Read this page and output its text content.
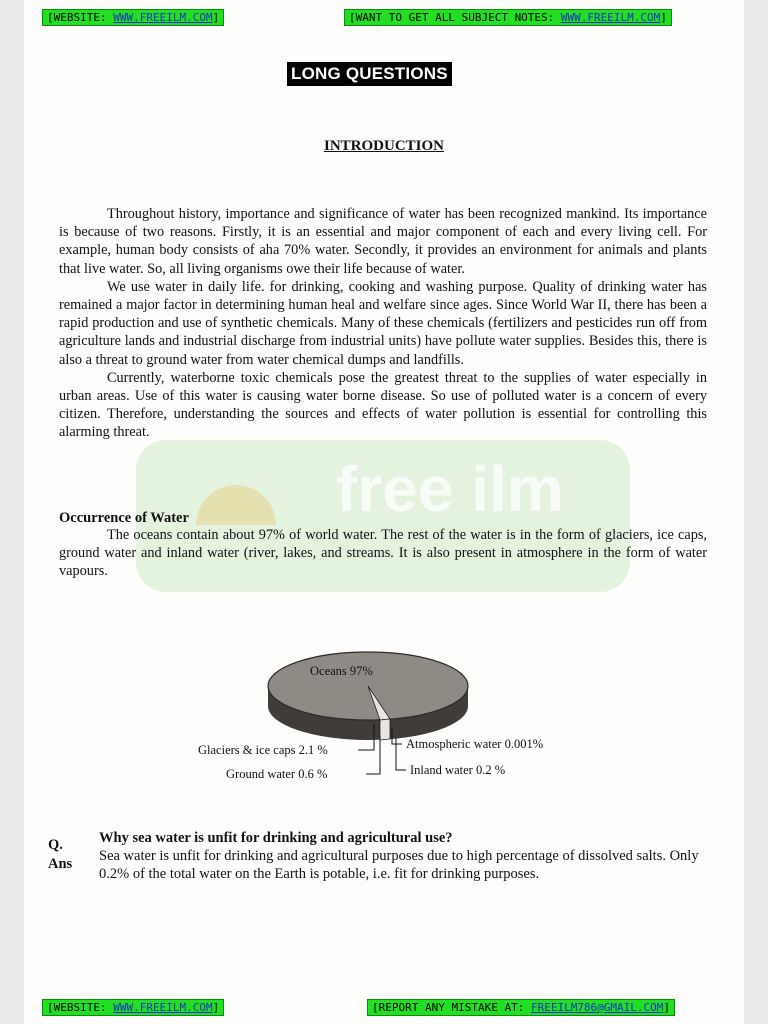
[WEBSITE: WWW.FREEILM.COM]	[WANT TO GET ALL SUBJECT NOTES: WWW.FREEILM.COM]
LONG QUESTIONS
INTRODUCTION
free ilm

Throughout history, importance and significance of water has been recognized mankind. Its importance is because of two reasons. Firstly, it is an essential and major component of each and every living cell. For example, human body consists of aha 70% water. Secondly, it provides an environment for animals and plants that live water. So, all living organisms owe their life because of water.

We use water in daily life. for drinking, cooking and washing purpose. Quality of drinking water has remained a major factor in determining human heal and welfare since ages. Since World War II, there has been a rapid production and use of synthetic chemicals. Many of these chemicals (fertilizers and pesticides run off from agriculture lands and industrial discharge from industrial units) have pollute water supplies. Besides this, there is also a threat to ground water from water chemical dumps and landfills.

Currently, waterborne toxic chemicals pose the greatest threat to the supplies of water especially in urban areas. Use of this water is causing water borne disease. So use of polluted water is a concern of every citizen. Therefore, understanding the sources and effects of water pollution is essential for controlling this alarming threat.

Occurrence of Water

The oceans contain about 97% of world water. The rest of the water is in the form of glaciers, ice caps, ground water and inland water (river, lakes, and streams. It is also present in atmosphere in the form of water vapours.

Oceans 97%
Glaciers & ice caps 2.1 %
Ground water 0.6 %
Atmospheric water 0.001%
Inland water 0.2 %
Q. Why sea water is unfit for drinking and agricultural use?
Ans Sea water is unfit for drinking and agricultural purposes due to high percentage of dissolved salts. Only 0.2% of the total water on the Earth is potable, i.e. fit for drinking purposes.
[WEBSITE: WWW.FREEILM.COM]	[REPORT ANY MISTAKE AT: FREEILM786@GMAIL.COM]
